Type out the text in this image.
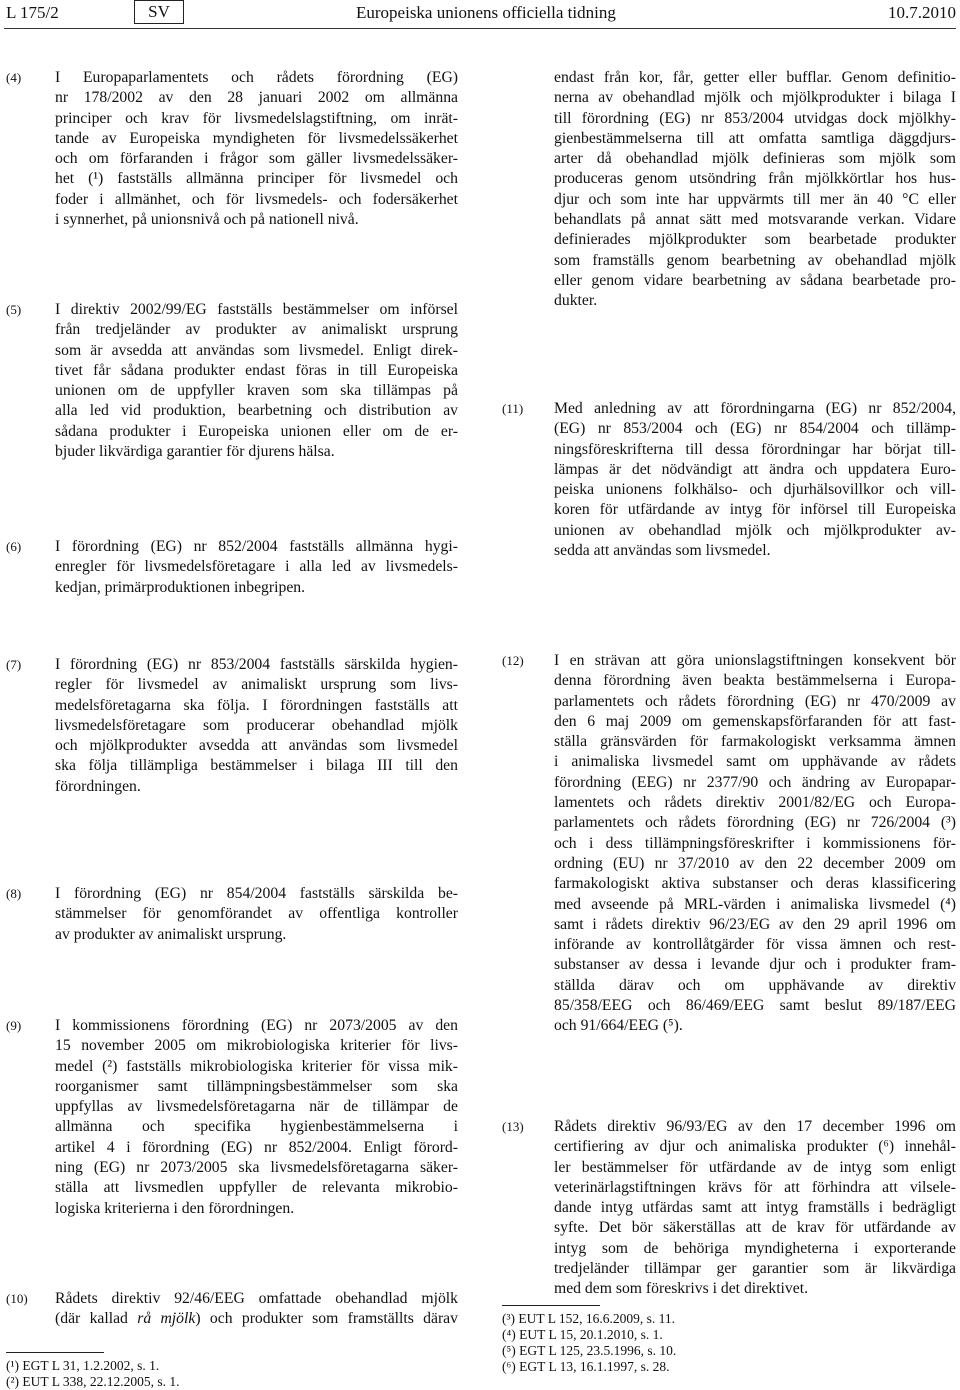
L 175/2	SV	Europeiska unionens officiella tidning	10.7.2010
(4) I Europaparlamentets och rådets förordning (EG)
nr 178/2002 av den 28 januari 2002 om allmänna
principer och krav för livsmedelslagstiftning, om inrät-
tande av Europeiska myndigheten för livsmedelssäkerhet
och om förfaranden i frågor som gäller livsmedelssäker-
het (¹) fastställs allmänna principer för livsmedel och
foder i allmänhet, och för livsmedels- och fodersäkerhet
i synnerhet, på unionsnivå och på nationell nivå.
(5) I direktiv 2002/99/EG fastställs bestämmelser om införsel
från tredjeländer av produkter av animaliskt ursprung
som är avsedda att användas som livsmedel. Enligt direk-
tivet får sådana produkter endast föras in till Europeiska
unionen om de uppfyller kraven som ska tillämpas på
alla led vid produktion, bearbetning och distribution av
sådana produkter i Europeiska unionen eller om de er-
bjuder likvärdiga garantier för djurens hälsa.
(6) I förordning (EG) nr 852/2004 fastställs allmänna hygi-
enregler för livsmedelsföretagare i alla led av livsmedels-
kedjan, primärproduktionen inbegripen.
endast från kor, får, getter eller bufflar. Genom definitio-
nerna av obehandlad mjölk och mjölkprodukter i bilaga I
till förordning (EG) nr 853/2004 utvidgas dock mjölkhy-
gienbestämmelserna till att omfatta samtliga däggdjurs-
arter då obehandlad mjölk definieras som mjölk som
produceras genom utsöndring från mjölkkörtlar hos hus-
djur och som inte har uppvärmts till mer än 40 °C eller
behandlats på annat sätt med motsvarande verkan. Vidare
definierades mjölkprodukter som bearbetade produkter
som framställs genom bearbetning av obehandlad mjölk
eller genom vidare bearbetning av sådana bearbetade pro-
dukter.
(11) Med anledning av att förordningarna (EG) nr 852/2004,
(EG) nr 853/2004 och (EG) nr 854/2004 och tillämp-
ningsföreskrifterna till dessa förordningar har börjat till-
lämpas är det nödvändigt att ändra och uppdatera Euro-
peiska unionens folkhälso- och djurhälsovillkor och vill-
koren för utfärdande av intyg för införsel till Europeiska
unionen av obehandlad mjölk och mjölkprodukter av-
sedda att användas som livsmedel.
(7) I förordning (EG) nr 853/2004 fastställs särskilda hygien-
regler för livsmedel av animaliskt ursprung som livs-
medelsföretagarna ska följa. I förordningen fastställs att
livsmedelsföretagare som producerar obehandlad mjölk
och mjölkprodukter avsedda att användas som livsmedel
ska följa tillämpliga bestämmelser i bilaga III till den
förordningen.
(8) I förordning (EG) nr 854/2004 fastställs särskilda be-
stämmelser för genomförandet av offentliga kontroller
av produkter av animaliskt ursprung.
(9) I kommissionens förordning (EG) nr 2073/2005 av den
15 november 2005 om mikrobiologiska kriterier för livs-
medel (²) fastställs mikrobiologiska kriterier för vissa mik-
roorganismer samt tillämpningsbestämmelser som ska
uppfyllas av livsmedelsföretagarna när de tillämpar de
allmänna och specifika hygienbestämmelserna i
artikel 4 i förordning (EG) nr 852/2004. Enligt förord-
ning (EG) nr 2073/2005 ska livsmedelsföretagarna säker-
ställa att livsmedlen uppfyller de relevanta mikrobio-
logiska kriterierna i den förordningen.
(10) Rådets direktiv 92/46/EEG omfattade obehandlad mjölk
(där kallad rå mjölk) och produkter som framställts därav
(¹) EGT L 31, 1.2.2002, s. 1.
(²) EUT L 338, 22.12.2005, s. 1.
(12) I en strävan att göra unionslagstiftningen konsekvent bör
denna förordning även beakta bestämmelserna i Europa-
parlamentets och rådets förordning (EG) nr 470/2009 av
den 6 maj 2009 om gemenskapsförfaranden för att fast-
ställa gränsvärden för farmakologiskt verksamma ämnen
i animaliska livsmedel samt om upphävande av rådets
förordning (EEG) nr 2377/90 och ändring av Europapar-
lamentets och rådets direktiv 2001/82/EG och Europa-
parlamentets och rådets förordning (EG) nr 726/2004 (³)
och i dess tillämpningsföreskrifter i kommissionens för-
ordning (EU) nr 37/2010 av den 22 december 2009 om
farmakologiskt aktiva substanser och deras klassificering
med avseende på MRL-värden i animaliska livsmedel (⁴)
samt i rådets direktiv 96/23/EG av den 29 april 1996 om
införande av kontrollåtgärder för vissa ämnen och rest-
substanser av dessa i levande djur och i produkter fram-
ställda därav och om upphävande av direktiv
85/358/EEG och 86/469/EEG samt beslut 89/187/EEG
och 91/664/EEG (⁵).
(13) Rådets direktiv 96/93/EG av den 17 december 1996 om
certifiering av djur och animaliska produkter (⁶) innehål-
ler bestämmelser för utfärdande av de intyg som enligt
veterinärlagstiftningen krävs för att förhindra att vilsele-
dande intyg utfärdas samt att intyg framställs i bedrägligt
syfte. Det bör säkerställas att de krav för utfärdande av
intyg som de behöriga myndigheterna i exporterande
tredjeländer tillämpar ger garantier som är likvärdiga
med dem som föreskrivs i det direktivet.
(³) EUT L 152, 16.6.2009, s. 11.
(⁴) EUT L 15, 20.1.2010, s. 1.
(⁵) EGT L 125, 23.5.1996, s. 10.
(⁶) EGT L 13, 16.1.1997, s. 28.
